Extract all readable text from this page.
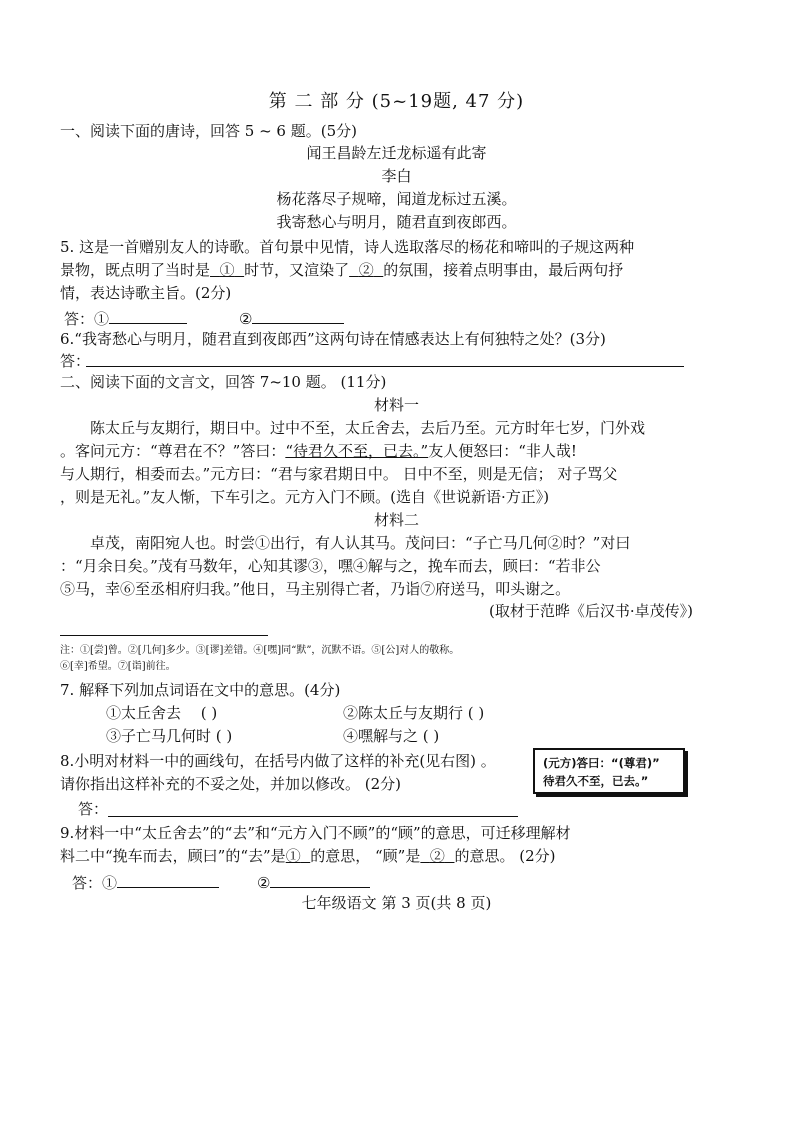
第 二 部 分 (5~19题, 47 分)
一、阅读下面的唐诗，回答 5 ~ 6 题。(5分)
闻王昌龄左迁龙标遥有此寄
李白
杨花落尽子规啼，闻道龙标过五溪。
我寄愁心与明月，随君直到夜郎西。
5. 这是一首赠别友人的诗歌。首句景中见情，诗人选取落尽的杨花和啼叫的子规这两种
景物，既点明了当时是 ① 时节，又渲染了 ② 的氛围，接着点明事由，最后两句抒
情，表达诗歌主旨。(2分)
答：①	②
6.“我寄愁心与明月，随君直到夜郎西”这两句诗在情感表达上有何独特之处？(3分)
答：
二、阅读下面的文言文，回答 7~10 题。 (11分)
材料一
陈太丘与友期行，期日中。过中不至，太丘舍去，去后乃至。元方时年七岁，门外戏
。客问元方：“尊君在不？”答曰：“待君久不至，已去。”友人便怒曰：“非人哉!
与人期行，相委而去。”元方曰：“君与家君期日中。 日中不至，则是无信； 对子骂父
，则是无礼。”友人惭，下车引之。元方入门不顾。(选自《世说新语·方正》)
材料二
卓茂，南阳宛人也。时尝①出行，有人认其马。茂问曰：“子亡马几何②时？”对曰
：“月余日矣。”茂有马数年，心知其谬③，嘿④解与之，挽车而去，顾曰：“若非公
⑤马，幸⑥至丞相府归我。”他日，马主别得亡者，乃诣⑦府送马，叩头谢之。
(取材于范晔《后汉书·卓茂传》)
注：①[尝]曾。②[几何]多少。③[谬]差错。④[嘿]同“默”，沉默不语。⑤[公]对人的敬称。
⑥[幸]希望。⑦[诣]前往。
7. 解释下列加点词语在文中的意思。(4分)
①太丘舍去　 ( )	②陈太丘与友期行 ( )
③子亡马几何时 ( )	④嘿解与之 ( )
8.小明对材料一中的画线句，在括号内做了这样的补充(见右图) 。
请你指出这样补充的不妥之处，并加以修改。 (2分)
答：
(元方)答曰：“(尊君)”
待君久不至，已去。”
9.材料一中“太丘舍去”的“去”和“元方入门不顾”的“顾”的意思，可迁移理解材
料二中“挽车而去，顾曰”的“去”是① 的意思， “顾”是 ② 的意思。 (2分)
答：①	②
七年级语文 第 3 页(共 8 页)
